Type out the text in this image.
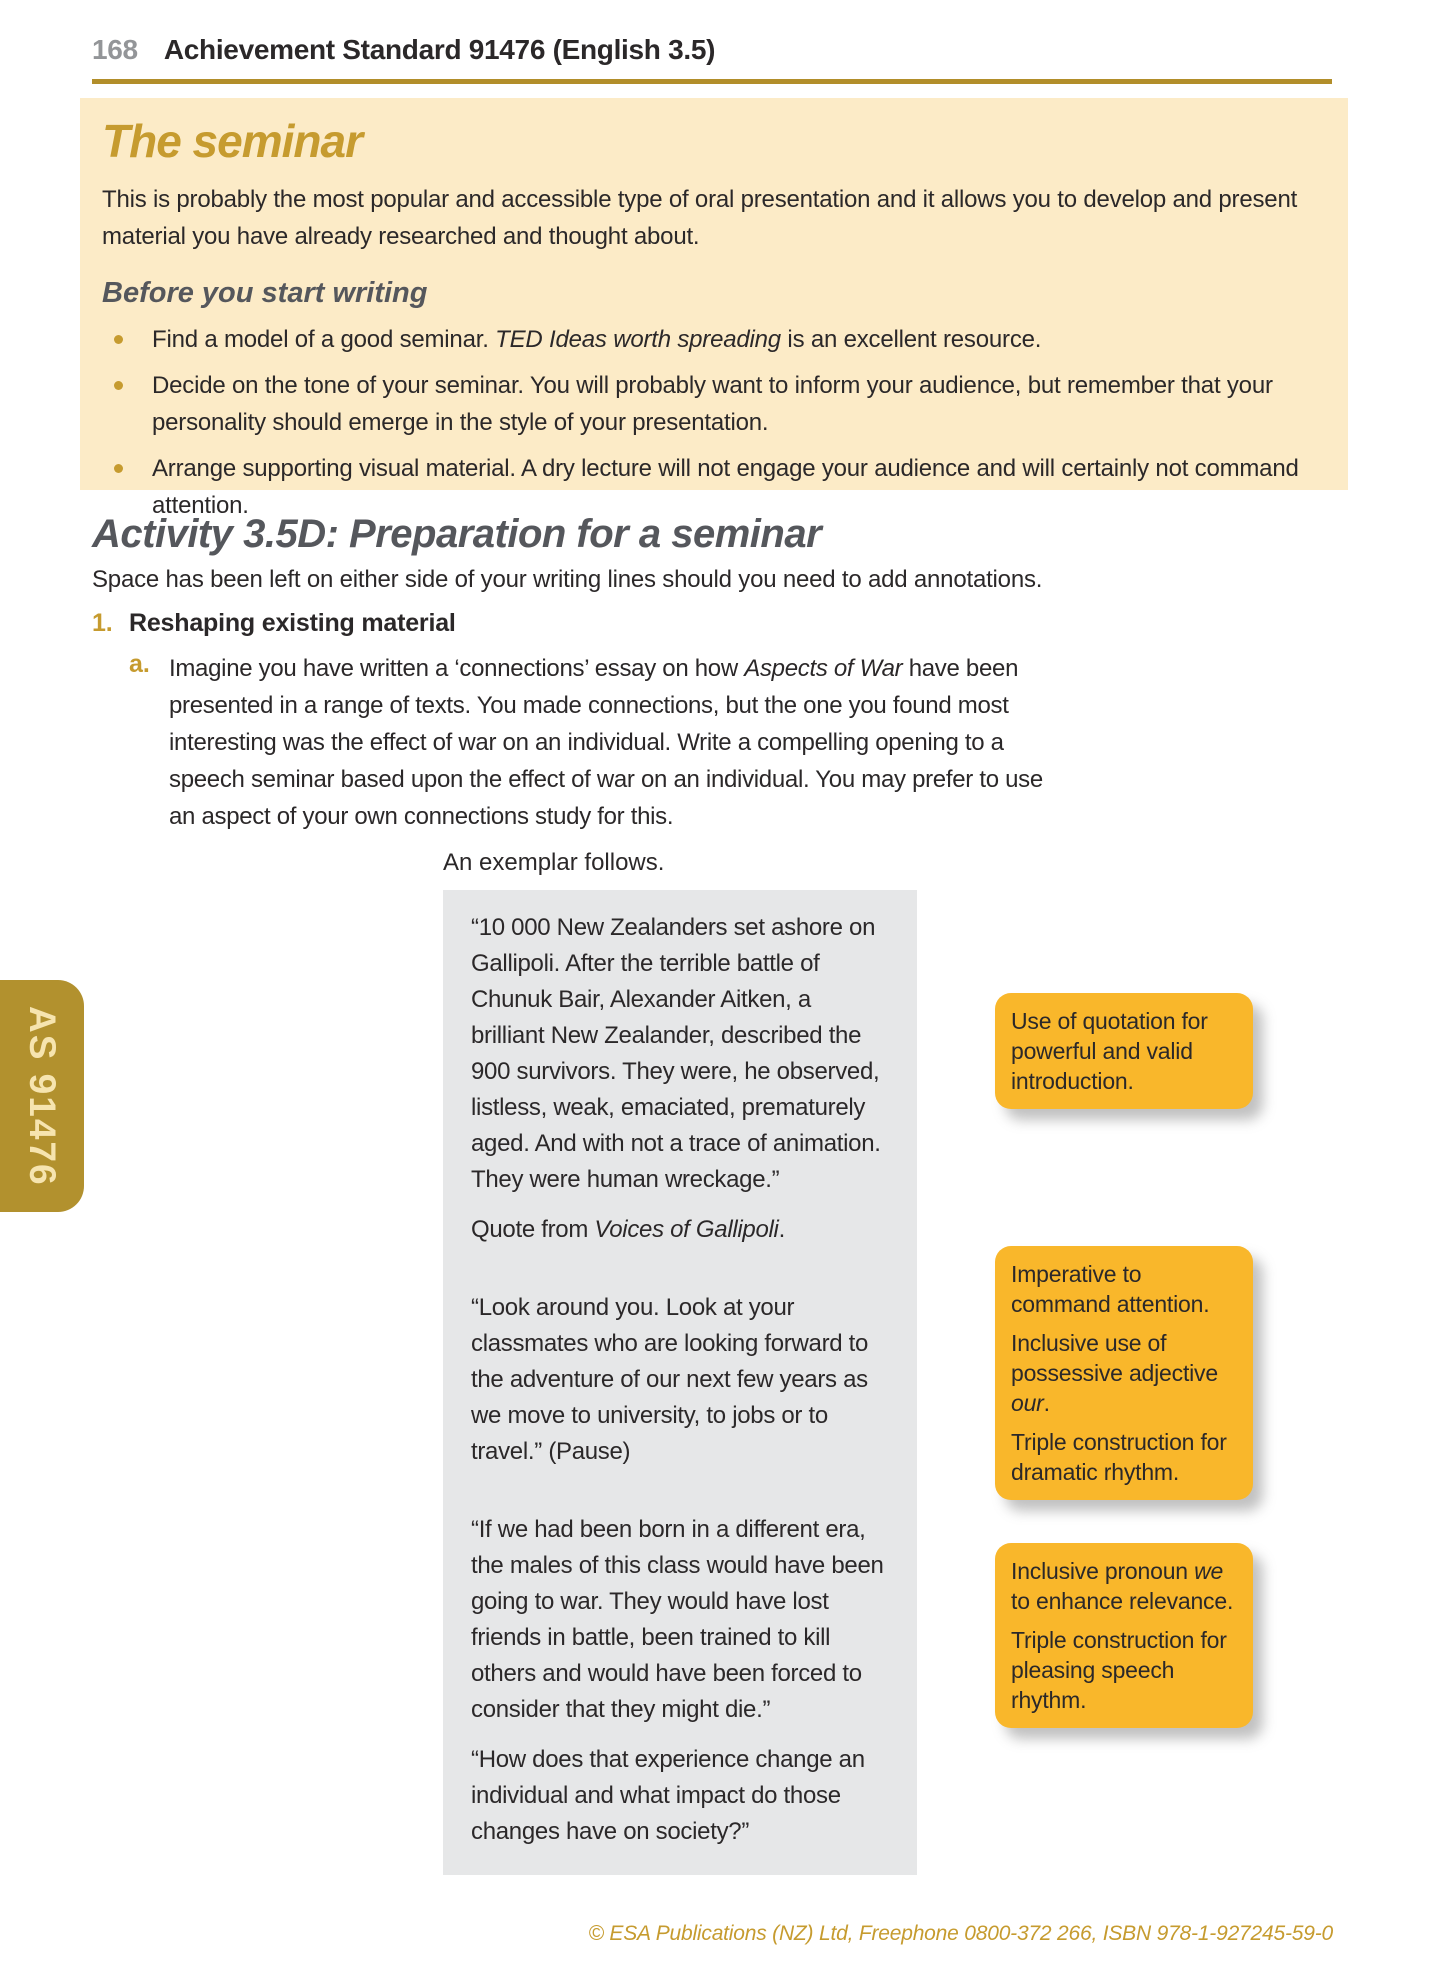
168 Achievement Standard 91476 (English 3.5)
The seminar

This is probably the most popular and accessible type of oral presentation and it allows you to develop and present material you have already researched and thought about.

Before you start writing
Find a model of a good seminar. TED Ideas worth spreading is an excellent resource.
Decide on the tone of your seminar. You will probably want to inform your audience, but remember that your personality should emerge in the style of your presentation.
Arrange supporting visual material. A dry lecture will not engage your audience and will certainly not command attention.
Activity 3.5D: Preparation for a seminar

Space has been left on either side of your writing lines should you need to add annotations.

1. Reshaping existing material
a. Imagine you have written a ‘connections’ essay on how Aspects of War have been presented in a range of texts. You made connections, but the one you found most interesting was the effect of war on an individual. Write a compelling opening to a speech seminar based upon the effect of war on an individual. You may prefer to use an aspect of your own connections study for this.

An exemplar follows.

“10 000 New Zealanders set ashore on Gallipoli. After the terrible battle of Chunuk Bair, Alexander Aitken, a brilliant New Zealander, described the 900 survivors. They were, he observed, listless, weak, emaciated, prematurely aged. And with not a trace of animation. They were human wreckage.”

Quote from Voices of Gallipoli.

“Look around you. Look at your classmates who are looking forward to the adventure of our next few years as we move to university, to jobs or to travel.” (Pause)

“If we had been born in a different era, the males of this class would have been going to war. They would have lost friends in battle, been trained to kill others and would have been forced to consider that they might die.”

“How does that experience change an individual and what impact do those changes have on society?”

Use of quotation for powerful and valid introduction.

Imperative to command attention.

Inclusive use of possessive adjective our.

Triple construction for dramatic rhythm.

Inclusive pronoun we to enhance relevance.

Triple construction for pleasing speech rhythm.

AS 91476
© ESA Publications (NZ) Ltd, Freephone 0800-372 266, ISBN 978-1-927245-59-0
